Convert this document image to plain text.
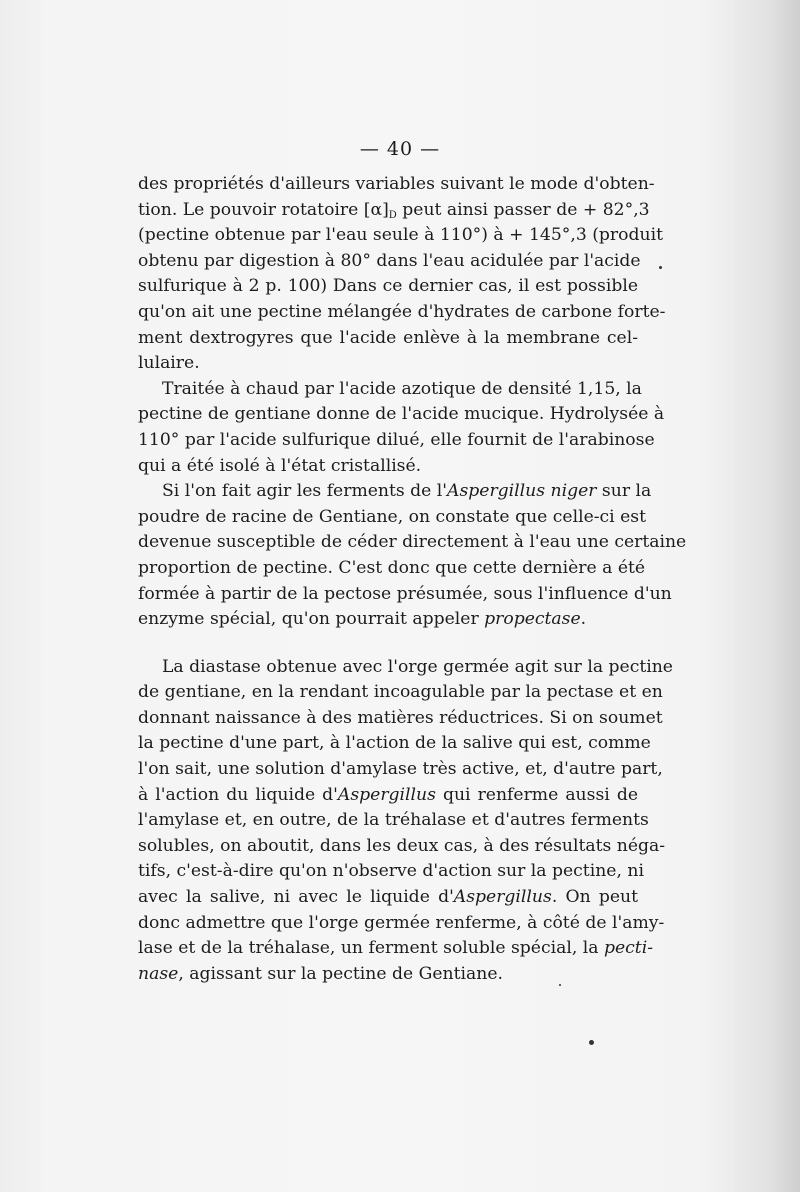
— 40 —
des propriétés d'ailleurs variables suivant le mode d'obten-
tion. Le pouvoir rotatoire $[\alpha]_D$ peut ainsi passer de + 82°,3
(pectine obtenue par l'eau seule à 110°) à + 145°,3 (produit
obtenu par digestion à 80° dans l'eau acidulée par l'acide
sulfurique à 2 p. 100) Dans ce dernier cas, il est possible
qu'on ait une pectine mélangée d'hydrates de carbone forte-
ment dextrogyres que l'acide enlève à la membrane cel-
lulaire.
Traitée à chaud par l'acide azotique de densité 1,15, la
pectine de gentiane donne de l'acide mucique. Hydrolysée à
110° par l'acide sulfurique dilué, elle fournit de l'arabinose
qui a été isolé à l'état cristallisé.
Si l'on fait agir les ferments de l'Aspergillus niger sur la
poudre de racine de Gentiane, on constate que celle-ci est
devenue susceptible de céder directement à l'eau une certaine
proportion de pectine. C'est donc que cette dernière a été
formée à partir de la pectose présumée, sous l'influence d'un
enzyme spécial, qu'on pourrait appeler propectase.
La diastase obtenue avec l'orge germée agit sur la pectine
de gentiane, en la rendant incoagulable par la pectase et en
donnant naissance à des matières réductrices. Si on soumet
la pectine d'une part, à l'action de la salive qui est, comme
l'on sait, une solution d'amylase très active, et, d'autre part,
à l'action du liquide d'Aspergillus qui renferme aussi de
l'amylase et, en outre, de la tréhalase et d'autres ferments
solubles, on aboutit, dans les deux cas, à des résultats néga-
tifs, c'est-à-dire qu'on n'observe d'action sur la pectine, ni
avec la salive, ni avec le liquide d'Aspergillus. On peut
donc admettre que l'orge germée renferme, à côté de l'amy-
lase et de la tréhalase, un ferment soluble spécial, la pecti-
nase, agissant sur la pectine de Gentiane.
